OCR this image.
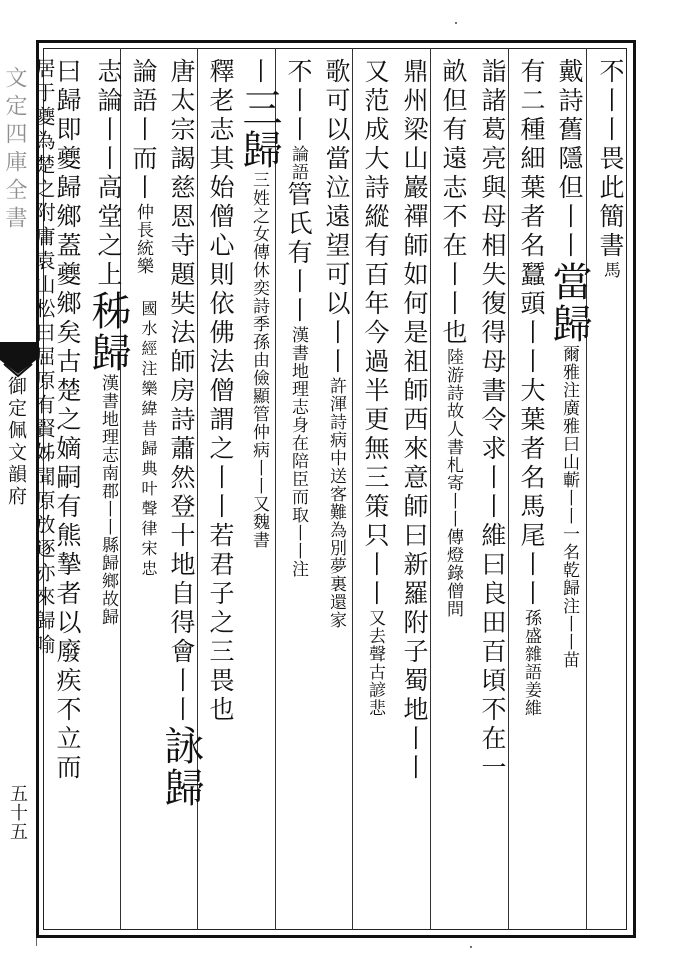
文定四庫全書
御定佩文韻府
五十五
不丨丨畏此簡書馬
戴詩舊隱但丨丨當歸爾雅注廣雅曰山蘄丨丨一名乾歸注丨丨苗
有二種細葉者名蠶頭丨丨大葉者名馬尾丨丨孫盛雜語姜維
詣諸葛亮與母相失復得母書令求丨丨維曰良田百頃不在一
畝但有遠志不在丨丨也陸游詩故人書札寄丨丨傳燈錄僧問
鼎州梁山巖禪師如何是祖師西來意師曰新羅附子蜀地丨丨
又范成大詩縱有百年今過半更無三策只丨丨又去聲古諺悲
歌可以當泣遠望可以丨丨許渾詩病中送客難為別夢裏還家
不丨丨論語管氏有丨丨漢書地理志身在陪臣而取丨丨注
丨三歸三姓之女傳休奕詩季孫由儉顯管仲病丨丨又魏書
釋老志其始僧心則依佛法僧謂之丨丨若君子之三畏也
唐太宗謁慈恩寺題奘法師房詩蕭然登十地自得會丨丨詠歸
論語丨而丨仲長統樂
國水經注樂緯昔歸典叶聲律宋忠
志論丨丨高堂之上秭歸漢書地理志南郡丨丨縣歸鄉故歸
曰歸即夔歸鄉蓋夔鄉矣古楚之嫡嗣有熊摯者以廢疾不立而
居于夔為楚之附庸袁山松曰屈原有賢姊聞原放逐亦來歸喻
